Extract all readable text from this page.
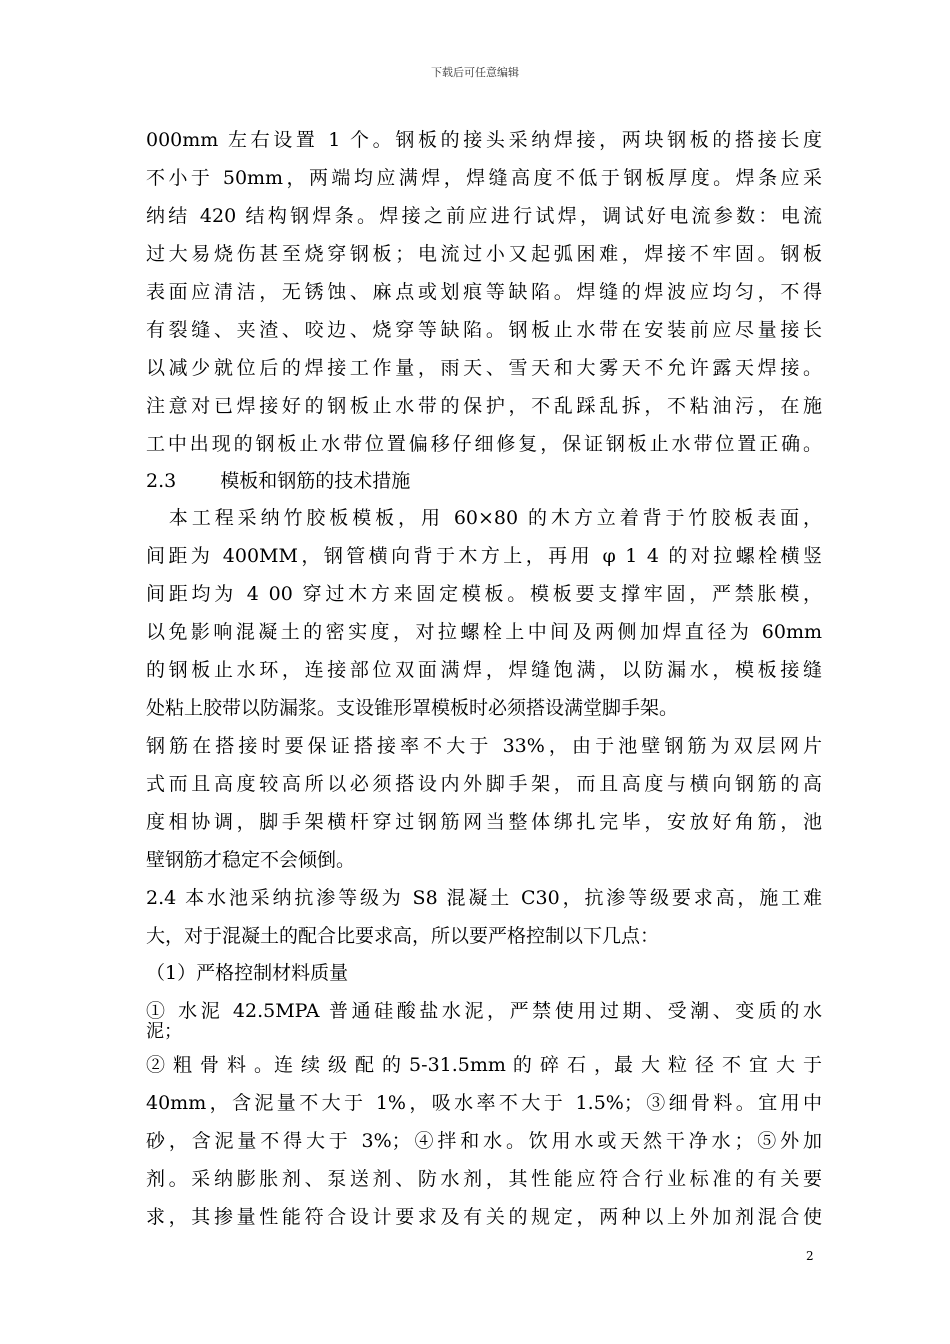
下载后可任意编辑
000mm 左右设置 1 个。钢板的接头采纳焊接，两块钢板的搭接长度
不小于 50mm，两端均应满焊，焊缝高度不低于钢板厚度。焊条应采
纳结 420 结构钢焊条。焊接之前应进行试焊，调试好电流参数：电流
过大易烧伤甚至烧穿钢板；电流过小又起弧困难，焊接不牢固。钢板
表面应清洁，无锈蚀、麻点或划痕等缺陷。焊缝的焊波应均匀，不得
有裂缝、夹渣、咬边、烧穿等缺陷。钢板止水带在安装前应尽量接长
以减少就位后的焊接工作量，雨天、雪天和大雾天不允许露天焊接。
注意对已焊接好的钢板止水带的保护，不乱踩乱拆，不粘油污，在施
工中出现的钢板止水带位置偏移仔细修复，保证钢板止水带位置正确。
2.3　　 模板和钢筋的技术措施
　本工程采纳竹胶板模板，用 60×80 的木方立着背于竹胶板表面，
间距为 400MM，钢管横向背于木方上，再用 φ 1 4 的对拉螺栓横竖
间距均为 4 00 穿过木方来固定模板。模板要支撑牢固，严禁胀模，
以免影响混凝土的密实度，对拉螺栓上中间及两侧加焊直径为 60mm
的钢板止水环，连接部位双面满焊，焊缝饱满，以防漏水，模板接缝
处粘上胶带以防漏浆。支设锥形罩模板时必须搭设满堂脚手架。
钢筋在搭接时要保证搭接率不大于 33%，由于池壁钢筋为双层网片
式而且高度较高所以必须搭设内外脚手架，而且高度与横向钢筋的高
度相协调，脚手架横杆穿过钢筋网当整体绑扎完毕，安放好角筋，池
壁钢筋才稳定不会倾倒。
2.4 本水池采纳抗渗等级为 S8 混凝土 C30，抗渗等级要求高，施工难
大，对于混凝土的配合比要求高，所以要严格控制以下几点：
（1）严格控制材料质量
① 水泥 42.5MPA 普通硅酸盐水泥，严禁使用过期、受潮、变质的水
泥；
② 粗 骨 料 。连 续 级 配 的 5-31.5mm 的 碎 石 ，最 大 粒 径 不 宜 大 于
40mm，含泥量不大于 1%，吸水率不大于 1.5%；③细骨料。宜用中
砂，含泥量不得大于 3%；④拌和水。饮用水或天然干净水；⑤外加
剂。采纳膨胀剂、泵送剂、防水剂，其性能应符合行业标准的有关要
求，其掺量性能符合设计要求及有关的规定，两种以上外加剂混合使
2
